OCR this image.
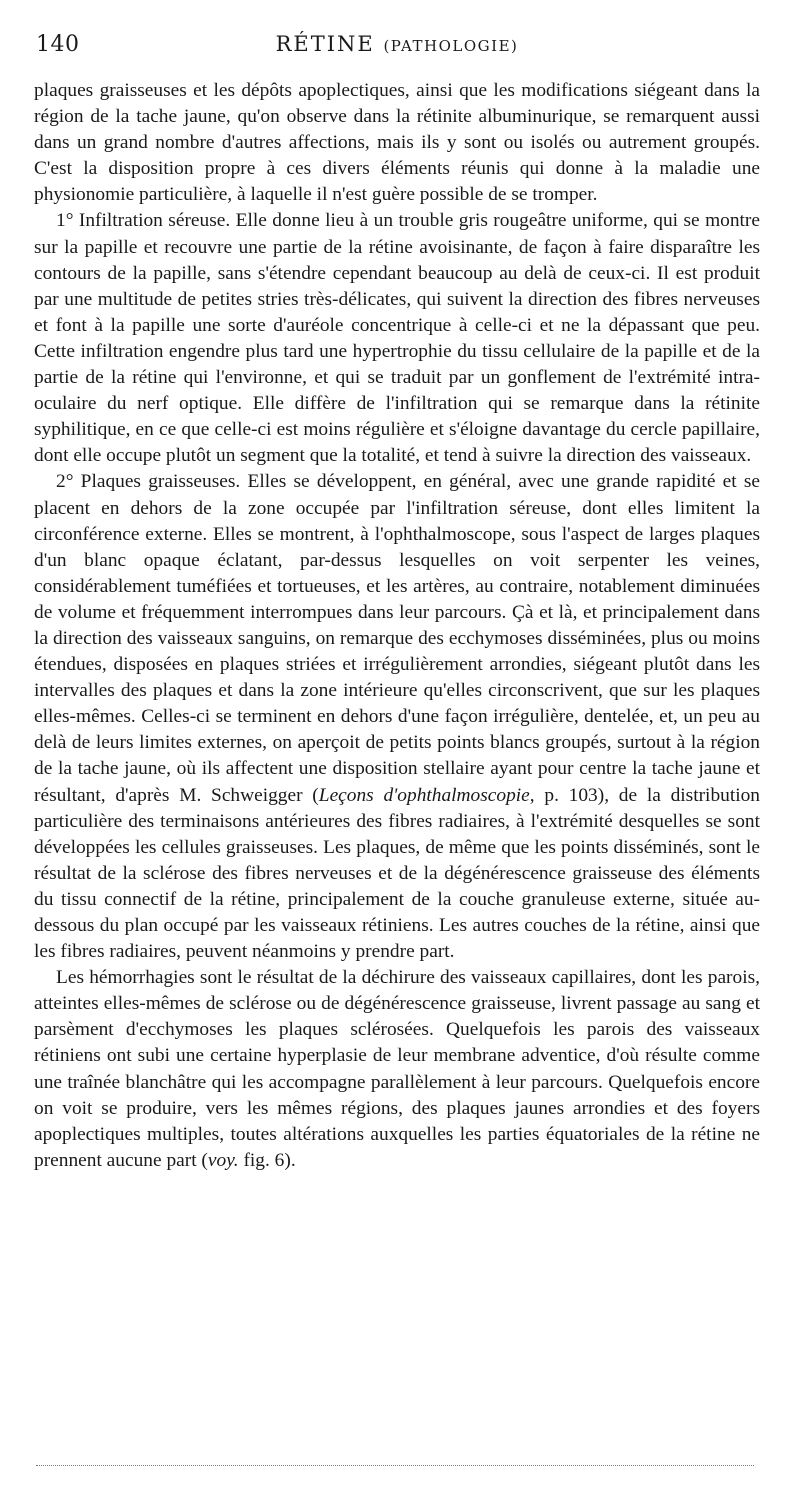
140	RÉTINE (PATHOLOGIE)

plaques graisseuses et les dépôts apoplectiques, ainsi que les modifications siégeant dans la région de la tache jaune, qu'on observe dans la rétinite albuminurique, se remarquent aussi dans un grand nombre d'autres affections, mais ils y sont ou isolés ou autrement groupés. C'est la disposition propre à ces divers éléments réunis qui donne à la maladie une physionomie particulière, à laquelle il n'est guère possible de se tromper.

1° Infiltration séreuse. Elle donne lieu à un trouble gris rougeâtre uniforme, qui se montre sur la papille et recouvre une partie de la rétine avoisinante, de façon à faire disparaître les contours de la papille, sans s'étendre cependant beaucoup au delà de ceux-ci. Il est produit par une multitude de petites stries très-délicates, qui suivent la direction des fibres nerveuses et font à la papille une sorte d'auréole concentrique à celle-ci et ne la dépassant que peu. Cette infiltration engendre plus tard une hypertrophie du tissu cellulaire de la papille et de la partie de la rétine qui l'environne, et qui se traduit par un gonflement de l'extrémité intra-oculaire du nerf optique. Elle diffère de l'infiltration qui se remarque dans la rétinite syphilitique, en ce que celle-ci est moins régulière et s'éloigne davantage du cercle papillaire, dont elle occupe plutôt un segment que la totalité, et tend à suivre la direction des vaisseaux.

2° Plaques graisseuses. Elles se développent, en général, avec une grande rapidité et se placent en dehors de la zone occupée par l'infiltration séreuse, dont elles limitent la circonférence externe. Elles se montrent, à l'ophthalmoscope, sous l'aspect de larges plaques d'un blanc opaque éclatant, par-dessus lesquelles on voit serpenter les veines, considérablement tuméfiées et tortueuses, et les artères, au contraire, notablement diminuées de volume et fréquemment interrompues dans leur parcours. Çà et là, et principalement dans la direction des vaisseaux sanguins, on remarque des ecchymoses disséminées, plus ou moins étendues, disposées en plaques striées et irrégulièrement arrondies, siégeant plutôt dans les intervalles des plaques et dans la zone intérieure qu'elles circonscrivent, que sur les plaques elles-mêmes. Celles-ci se terminent en dehors d'une façon irrégulière, dentelée, et, un peu au delà de leurs limites externes, on aperçoit de petits points blancs groupés, surtout à la région de la tache jaune, où ils affectent une disposition stellaire ayant pour centre la tache jaune et résultant, d'après M. Schweigger (Leçons d'ophthalmoscopie, p. 103), de la distribution particulière des terminaisons antérieures des fibres radiaires, à l'extrémité desquelles se sont développées les cellules graisseuses. Les plaques, de même que les points disséminés, sont le résultat de la sclérose des fibres nerveuses et de la dégénérescence graisseuse des éléments du tissu connectif de la rétine, principalement de la couche granuleuse externe, située au-dessous du plan occupé par les vaisseaux rétiniens. Les autres couches de la rétine, ainsi que les fibres radiaires, peuvent néanmoins y prendre part.

Les hémorrhagies sont le résultat de la déchirure des vaisseaux capillaires, dont les parois, atteintes elles-mêmes de sclérose ou de dégénérescence graisseuse, livrent passage au sang et parsèment d'ecchymoses les plaques sclérosées. Quelquefois les parois des vaisseaux rétiniens ont subi une certaine hyperplasie de leur membrane adventice, d'où résulte comme une traînée blanchâtre qui les accompagne parallèlement à leur parcours. Quelquefois encore on voit se produire, vers les mêmes régions, des plaques jaunes arrondies et des foyers apoplectiques multiples, toutes altérations auxquelles les parties équatoriales de la rétine ne prennent aucune part (voy. fig. 6).
